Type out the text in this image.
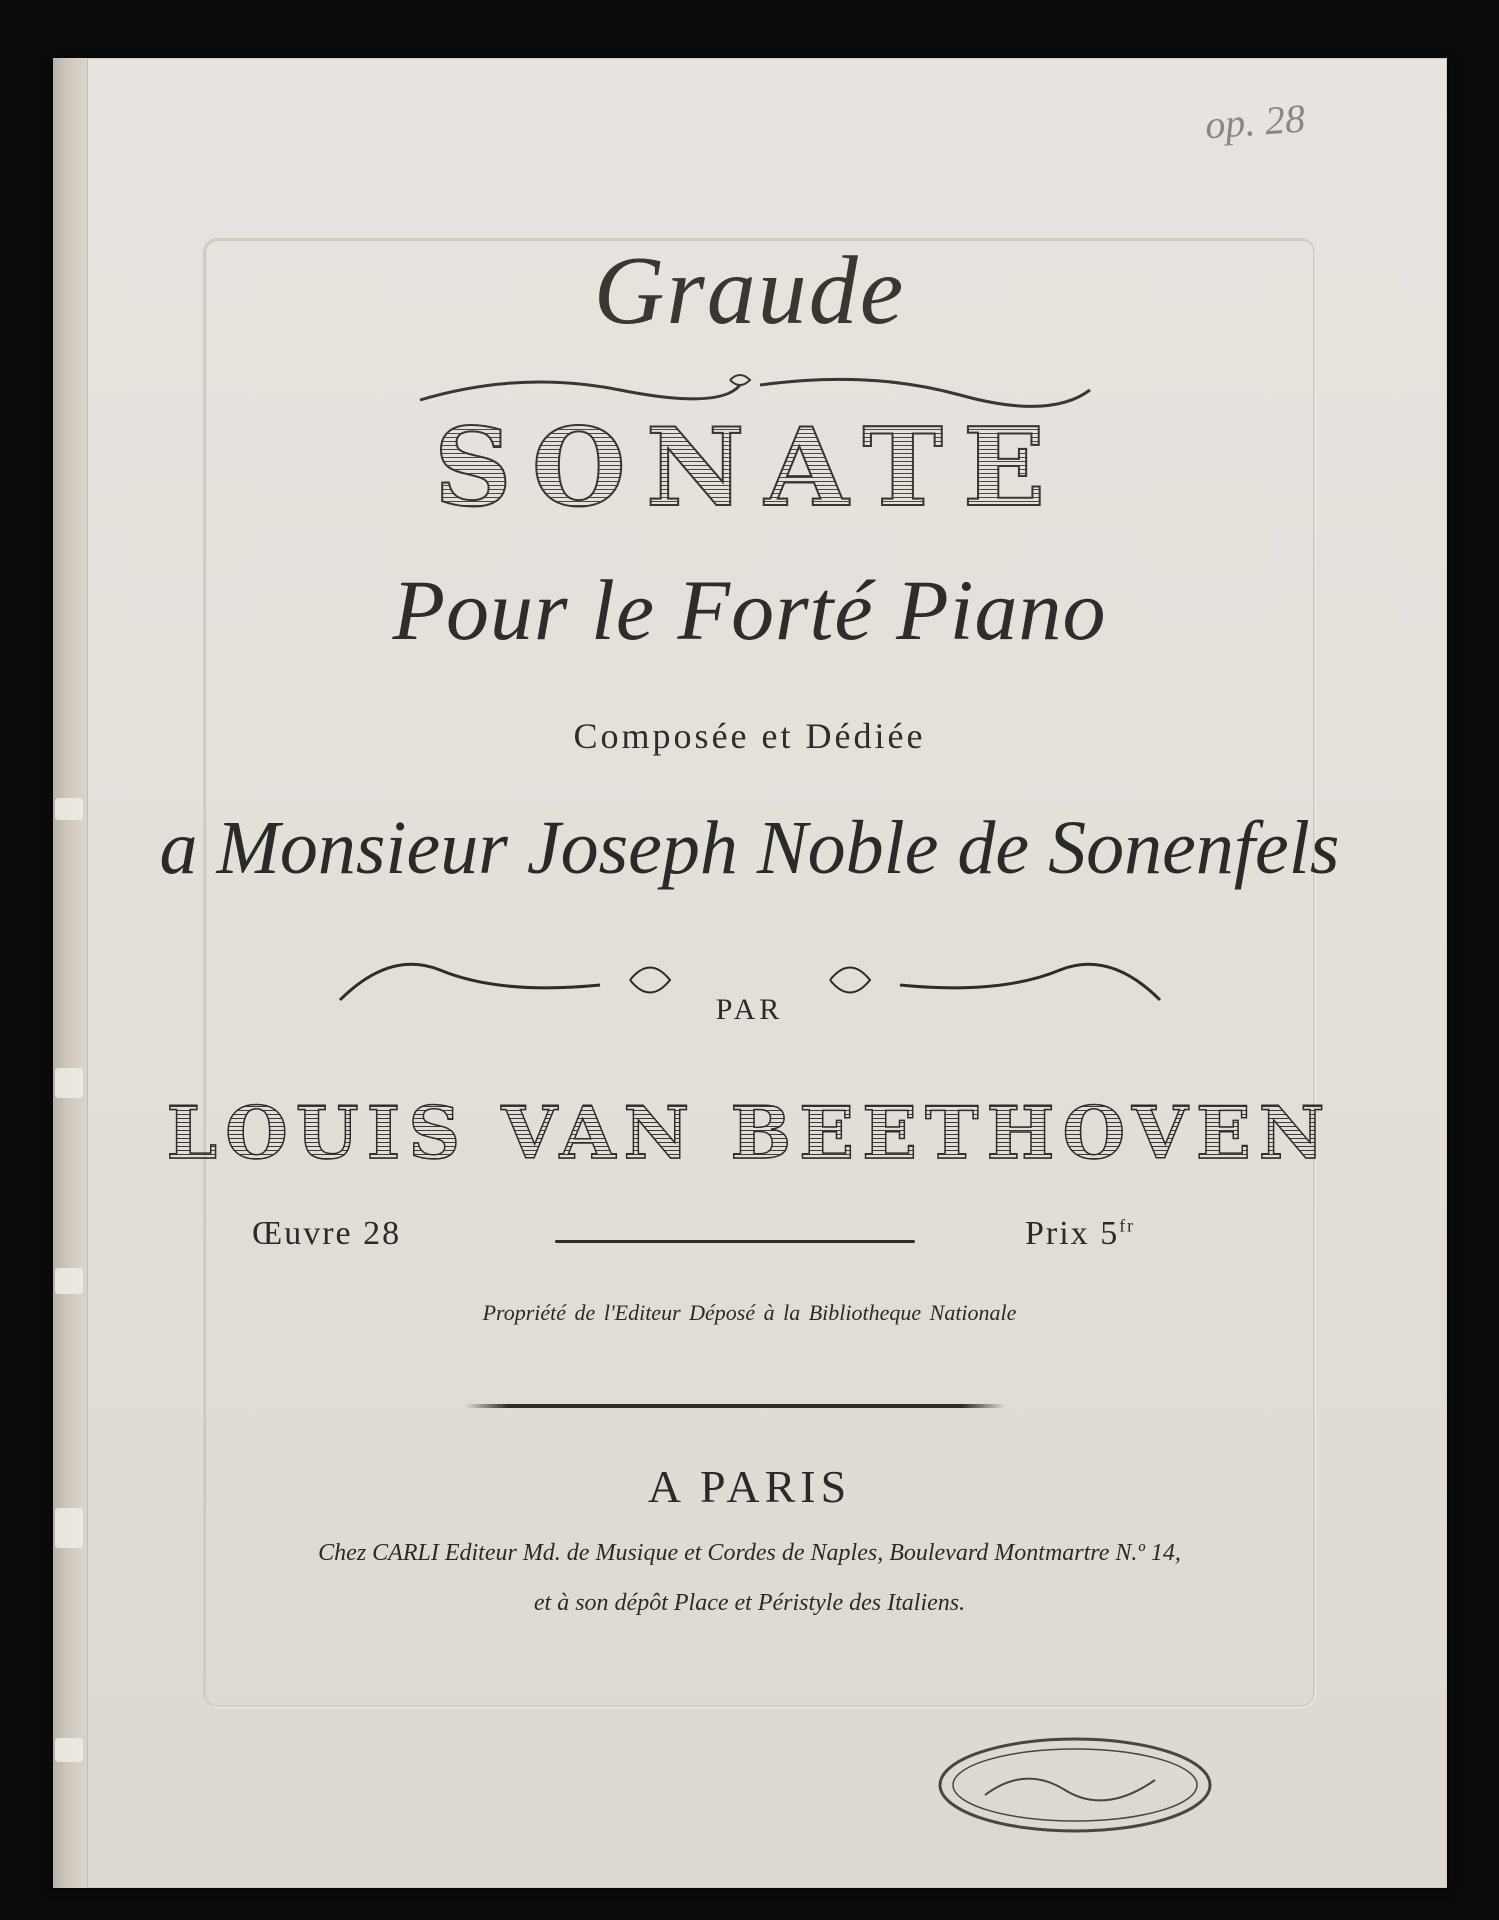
op. 28
Graude
SONATE
Pour le Forté Piano
Composée et Dédiée
a Monsieur Joseph Noble de Sonenfels
PAR
LOUIS VAN BEETHOVEN
Œuvre 28	Prix $5^{fr}$
Propriété de l'Editeur Déposé à la Bibliotheque Nationale
A PARIS
Chez CARLI Editeur Md. de Musique et Cordes de Naples, Boulevard Montmartre N.º 14,
et à son dépôt Place et Péristyle des Italiens.
